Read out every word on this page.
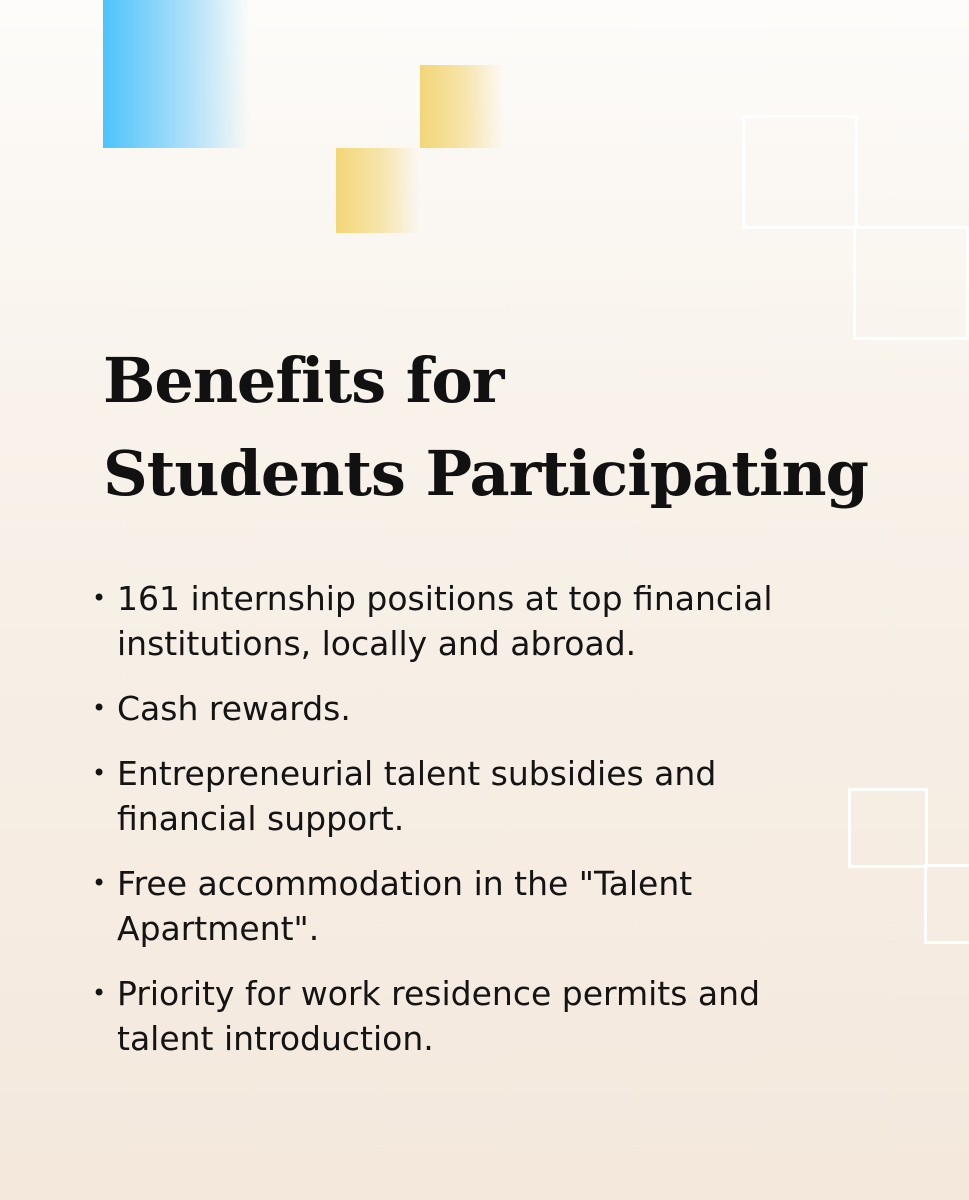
Benefits for
Students Participating
• 161 internship positions at top financial institutions, locally and abroad.
• Cash rewards.
• Entrepreneurial talent subsidies and financial support.
• Free accommodation in the "Talent Apartment".
• Priority for work residence permits and talent introduction.
